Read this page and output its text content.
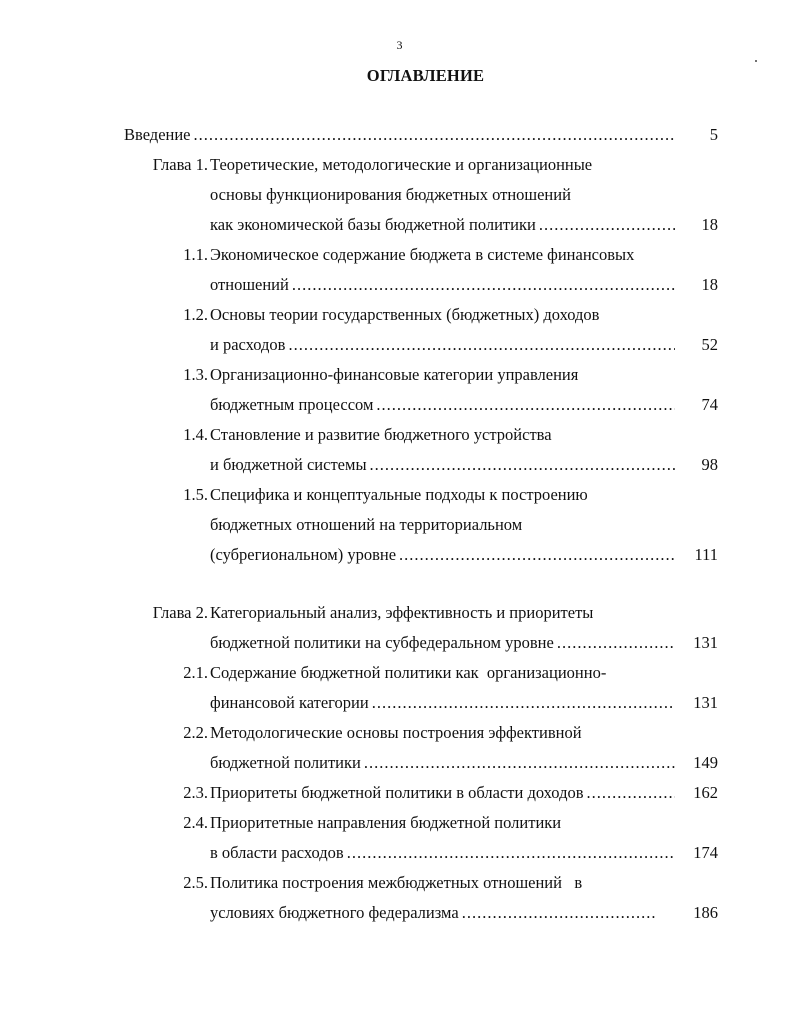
3
ОГЛАВЛЕНИЕ
Введение .....	5
Глава 1. Теоретические, методологические и организационные
основы функционирования бюджетных отношений
как экономической базы бюджетной политики .....	18
1.1. Экономическое содержание бюджета в системе финансовых
отношений .....	18
1.2. Основы теории государственных (бюджетных) доходов
и расходов .....	52
1.3. Организационно-финансовые категории управления
бюджетным процессом .....	74
1.4. Становление и развитие бюджетного устройства
и бюджетной системы .....	98
1.5. Специфика и концептуальные подходы к построению
бюджетных отношений на территориальном
(субрегиональном) уровне .....	111
Глава 2. Категориальный анализ, эффективность и приоритеты
бюджетной политики на субфедеральном уровне .....	131
2.1. Содержание бюджетной политики как  организационно-
финансовой категории .....	131
2.2. Методологические основы построения эффективной
бюджетной политики .....	149
2.3. Приоритеты бюджетной политики в области доходов .....	162
2.4. Приоритетные направления бюджетной политики
в области расходов .....	174
2.5. Политика построения межбюджетных отношений   в
условиях бюджетного федерализма .....	186
